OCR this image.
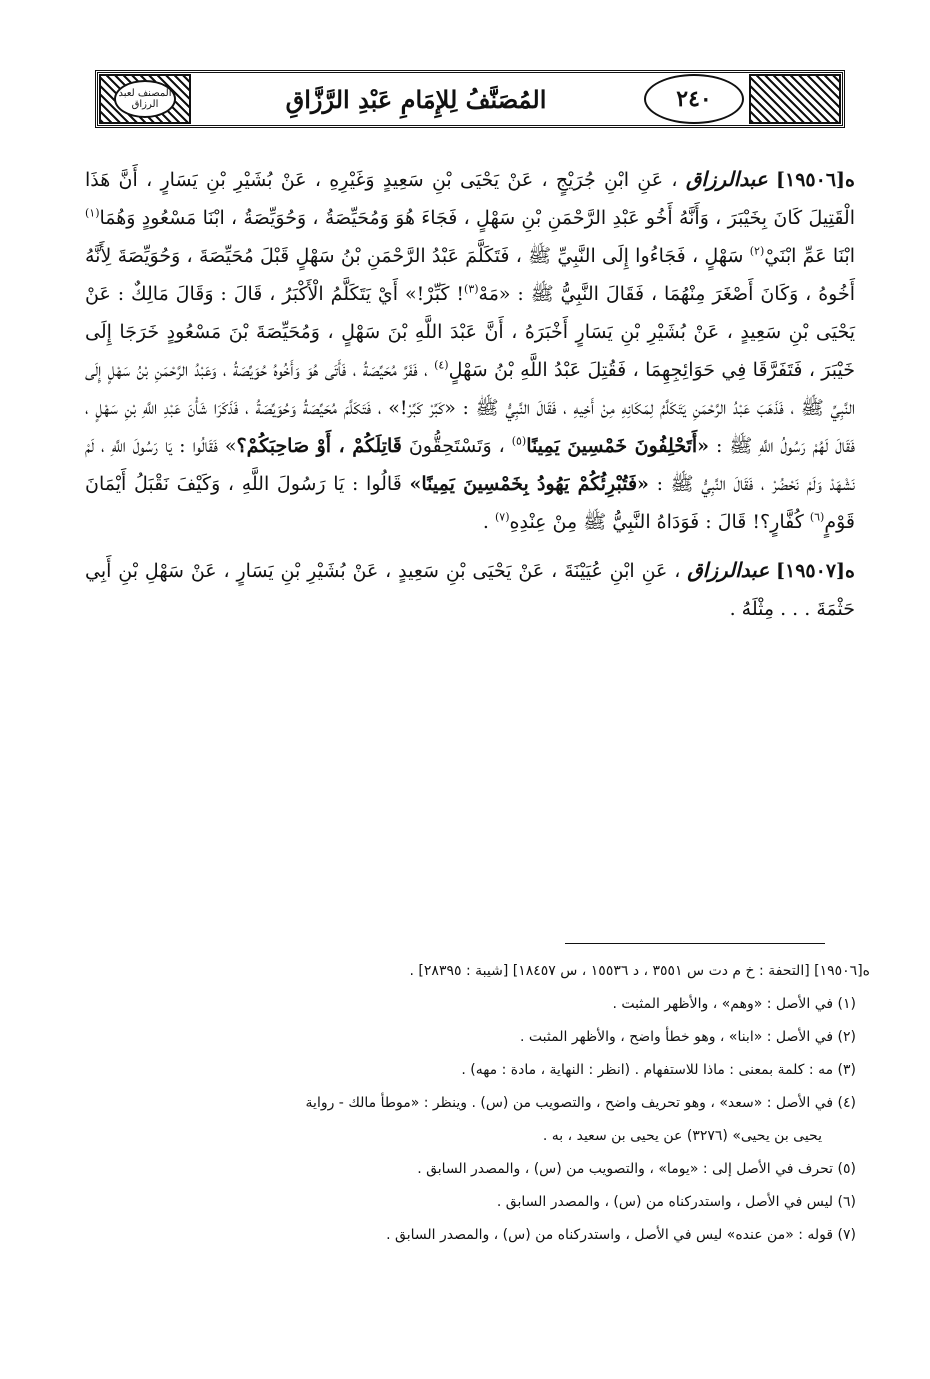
المصنف لعبد الرزاق	المُصَنَّفُ لِلإِمَامِ عَبْدِ الرَّزَّاقِ	٢٤٠

ه[١٩٥٠٦] عبدالرزاق ، عَنِ ابْنِ جُرَيْجٍ ، عَنْ يَحْيَى بْنِ سَعِيدٍ وَغَيْرِهِ ، عَنْ بُشَيْرِ بْنِ يَسَارٍ ، أَنَّ هَذَا الْقَتِيلَ كَانَ بِخَيْبَرَ ، وَأَنَّهُ أَخُو عَبْدِ الرَّحْمَنِ بْنِ سَهْلٍ ، فَجَاءَ هُوَ وَمُحَيِّصَةُ ، وَحُوَيِّصَةُ ، ابْنَا مَسْعُودٍ وَهُمَا$^{(١)}$ ابْنَا عَمِّ ابْنَيْ$^{(٢)}$ سَهْلٍ ، فَجَاءُوا إِلَى النَّبِيِّ ﷺ ، فَتَكَلَّمَ عَبْدُ الرَّحْمَنِ بْنُ سَهْلٍ قَبْلَ مُحَيِّصَةَ ، وَحُوَيِّصَةَ لِأَنَّهُ أَخُوهُ ، وَكَانَ أَصْغَرَ مِنْهُمَا ، فَقَالَ النَّبِيُّ ﷺ : «مَهْ$^{(٣)}$! كَبِّرْ!» أَيْ يَتَكَلَّمُ الْأَكْبَرُ ، قَالَ : وَقَالَ مَالِكٌ : عَنْ يَحْيَى بْنِ سَعِيدٍ ، عَنْ بُشَيْرِ بْنِ يَسَارٍ أَخْبَرَهُ ، أَنَّ عَبْدَ اللَّهِ بْنَ سَهْلٍ ، وَمُحَيِّصَةَ بْنَ مَسْعُودٍ خَرَجَا إِلَى خَيْبَرَ ، فَتَفَرَّقَا فِي حَوَائِجِهِمَا ، فَقُتِلَ عَبْدُ اللَّهِ بْنُ سَهْلٍ$^{(٤)}$ ، فَفَرَّ مُحَيِّصَةُ ، فَأَتَى هُوَ وَأَخُوهُ حُوَيِّصَةُ ، وَعَبْدُ الرَّحْمَنِ بْنُ سَهْلٍ إِلَى النَّبِيِّ ﷺ ، فَذَهَبَ عَبْدُ الرَّحْمَنِ يَتَكَلَّمُ لِمَكَانِهِ مِنْ أَخِيهِ ، فَقَالَ النَّبِيُّ ﷺ : «كَبِّرْ كَبِّرْ!» ، فَتَكَلَّمَ مُحَيِّصَةُ وَحُوَيِّصَةُ ، فَذَكَرَا شَأْنَ عَبْدِ اللَّهِ بْنِ سَهْلٍ ، فَقَالَ لَهُمْ رَسُولُ اللَّهِ ﷺ : «أَتَحْلِفُونَ خَمْسِينَ يَمِينًا$^{(٥)}$ ، وَتَسْتَحِقُّونَ قَاتِلَكُمْ ، أَوْ صَاحِبَكُمْ؟» فَقَالُوا : يَا رَسُولَ اللَّهِ ، لَمْ نَشْهَدْ وَلَمْ نَحْضُرْ ، فَقَالَ النَّبِيُّ ﷺ : «فَتُبْرِئُكُمْ يَهُودُ بِخَمْسِينَ يَمِينًا» قَالُوا : يَا رَسُولَ اللَّهِ ، وَكَيْفَ نَقْبَلُ أَيْمَانَ قَوْمٍ$^{(٦)}$ كُفَّارٍ؟! قَالَ : فَوَدَاهُ النَّبِيُّ ﷺ مِنْ عِنْدِهِ$^{(٧)}$ .

ه[١٩٥٠٧] عبدالرزاق ، عَنِ ابْنِ عُيَيْنَةَ ، عَنْ يَحْيَى بْنِ سَعِيدٍ ، عَنْ بُشَيْرِ بْنِ يَسَارٍ ، عَنْ سَهْلِ بْنِ أَبِي حَثْمَةَ . . . مِثْلَهُ .

ه[١٩٥٠٦] [التحفة : خ م دت س ٣٥٥١ ، د ١٥٥٣٦ ، س ١٨٤٥٧] [شيبة : ٢٨٣٩٥] .
(١) في الأصل : «وهم» ، والأظهر المثبت .
(٢) في الأصل : «ابنا» ، وهو خطأ واضح ، والأظهر المثبت .
(٣) مه : كلمة بمعنى : ماذا للاستفهام . (انظر : النهاية ، مادة : مهه) .
(٤) في الأصل : «سعد» ، وهو تحريف واضح ، والتصويب من (س) . وينظر : «موطأ مالك - رواية
يحيى بن يحيى» (٣٢٧٦) عن يحيى بن سعيد ، به .
(٥) تحرف في الأصل إلى : «يوما» ، والتصويب من (س) ، والمصدر السابق .
(٦) ليس في الأصل ، واستدركناه من (س) ، والمصدر السابق .
(٧) قوله : «من عنده» ليس في الأصل ، واستدركناه من (س) ، والمصدر السابق .
